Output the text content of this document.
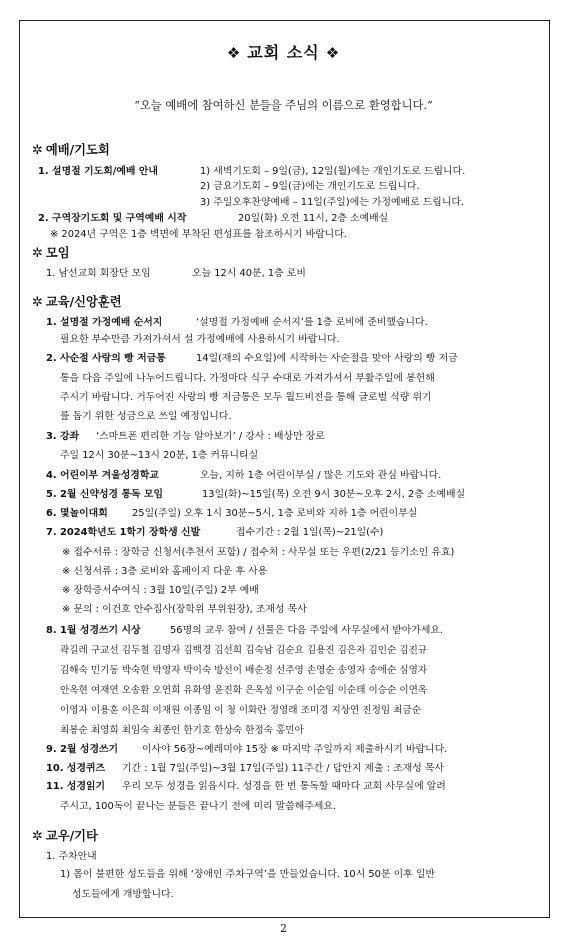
❖ 교회 소식 ❖
“오늘 예배에 참여하신 분들을 주님의 이름으로 환영합니다.”
✲ 예배/기도회
1. 설명절 기도회/예배 안내	1) 새벽기도회 – 9일(금), 12일(월)에는 개인기도로 드립니다.
2) 금요기도회 – 9일(금)에는 개인기도로 드립니다.
3) 주일오후찬양예배 – 11일(주일)에는 가정예배로 드립니다.
2. 구역장기도회 및 구역예배 시작	20일(화) 오전 11시, 2층 소예배실
※ 2024년 구역은 1층 벽면에 부착된 편성표를 참조하시기 바랍니다.
✲ 모임
1. 남선교회 회장단 모임	오늘 12시 40분, 1층 로비
✲ 교육/신앙훈련
1. 설명절 가정예배 순서지	‘설명절 가정예배 순서지’를 1층 로비에 준비했습니다.
필요한 부수만큼 가져가셔서 설 가정예배에 사용하시기 바랍니다.
2. 사순절 사랑의 빵 저금통	14일(재의 수요일)에 시작하는 사순절을 맞아 사랑의 빵 저금
통을 다음 주일에 나누어드립니다. 가정마다 식구 수대로 가져가셔서 부활주일에 봉헌해
주시기 바랍니다. 거두어진 사랑의 빵 저금통은 모두 월드비전을 통해 글로벌 식량 위기
를 돕기 위한 성금으로 쓰일 예정입니다.
3. 강좌 ‘스마트폰 편리한 기능 알아보기’ / 강사 : 배상만 장로
주일 12시 30분~13시 20분, 1층 커뮤니티실
4. 어린이부 겨울성경학교	오늘, 지하 1층 어린이부실 / 많은 기도와 관심 바랍니다.
5. 2월 신약성경 통독 모임	13일(화)~15일(목) 오전 9시 30분~오후 2시, 2층 소예배실
6. 몇놀이대회 25일(주일) 오후 1시 30분~5시, 1층 로비와 지하 1층 어린이부실
7. 2024학년도 1학기 장학생 신발	접수기간 : 2월 1일(목)~21일(수)
※ 접수서류 : 장학금 신청서(추천서 포함) / 접수처 : 사무실 또는 우편(2/21 등기소인 유효)
※ 신청서류 : 3층 로비와 홈페이지 다운 후 사용
※ 장학증서수여식 : 3월 10일(주일) 2부 예배
※ 문의 : 이건호 안수집사(장학위 부위원장), 조재성 목사
8. 1월 성경쓰기 시상	56명의 교우 참여 / 선물은 다음 주일에 사무실에서 받아가세요.
곽길레 구교선 김두철 김명자 김백경 김선희 김숙남 김순요 김용진 김은자 김인순 김진규
김해숙 민기동 박숙현 박영자 박이숙 방선이 배순정 선주영 손영순 송영자 송에순 심영자
안옥현 여재연 오송환 오연희 유화영 윤진화 은옥성 이구순 이순임 이순태 이승순 이연옥
이영자 이용훈 이은희 이재원 이종임 이 청 이화란 정영래 조미경 지상연 진정임 최금순
최봉순 최영희 최임숙 최종인 한기호 한상숙 한정숙 홍민아
9. 2월 성경쓰기 이사야 56장~예레미야 15장 ※ 마지막 주일까지 제출하시기 바랍니다.
10. 성경퀴즈 기간 : 1월 7일(주일)~3월 17일(주일) 11주간 / 답안지 제출 : 조재성 목사
11. 성경읽기 우리 모두 성경을 읽읍시다. 성경을 한 번 통독할 때마다 교회 사무실에 알려
주시고, 100독이 끝나는 분들은 끝나기 전에 미리 말씀해주세요.
✲ 교우/기타
1. 주차안내
1) 몸이 불편한 성도들을 위해 ‘장애인 주차구역’을 만들었습니다. 10시 50분 이후 일반
성도들에게 개방합니다.
2
